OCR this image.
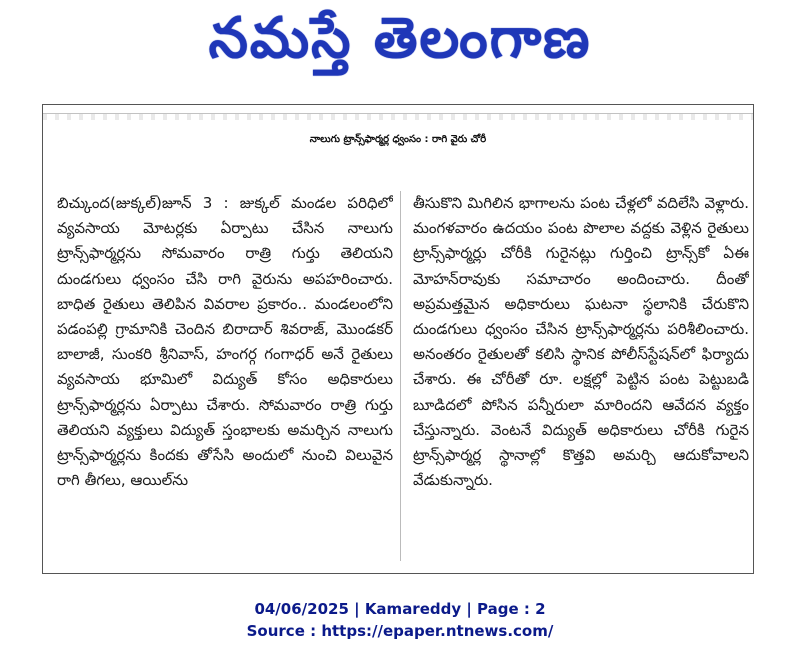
నమస్తే తెలంగాణ
నాలుగు ట్రాన్స్‌ఫార్మర్ల ధ్వంసం : రాగి వైరు చోరీ

బిచ్కుంద(జుక్కల్)జూన్ 3 : జుక్కల్ మండల పరిధిలో వ్యవసాయ మోటర్లకు ఏర్పాటు చేసిన నాలుగు ట్రాన్స్‌ఫార్మర్లను సోమవారం రాత్రి గుర్తు తెలియని దుండగులు ధ్వంసం చేసి రాగి వైరును అపహరించారు. బాధిత రైతులు తెలిపిన వివరాల ప్రకారం.. మండలంలోని పడంపల్లి గ్రామానికి చెందిన బిరాదార్ శివరాజ్, మొండకర్ బాలాజీ, సుంకరి శ్రీనివాస్, హంగర్గ గంగాధర్ అనే రైతులు వ్యవసాయ భూమిలో విద్యుత్ కోసం అధికారులు ట్రాన్స్‌ఫార్మర్లను ఏర్పాటు చేశారు. సోమవారం రాత్రి గుర్తు తెలియని వ్యక్తులు విద్యుత్ స్తంభాలకు అమర్చిన నాలుగు ట్రాన్స్‌ఫార్మర్లను కిందకు తోసేసి అందులో నుంచి విలువైన రాగి తీగలు, ఆయిల్‌ను

తీసుకొని మిగిలిన భాగాలను పంట చేళ్లలో వదిలేసి వెళ్లారు. మంగళవారం ఉదయం పంట పొలాల వద్దకు వెళ్లిన రైతులు ట్రాన్స్‌ఫార్మర్లు చోరీకి గురైనట్లు గుర్తించి ట్రాన్స్‌కో ఏఈ మోహన్‌రావుకు సమాచారం అందించారు. దీంతో అప్రమత్తమైన అధికారులు ఘటనా స్థలానికి చేరుకొని దుండగులు ధ్వంసం చేసిన ట్రాన్స్‌ఫార్మర్లను పరిశీలించారు. అనంతరం రైతులతో కలిసి స్థానిక పోలీస్‌స్టేషన్‌లో ఫిర్యాదు చేశారు. ఈ చోరీతో రూ. లక్షల్లో పెట్టిన పంట పెట్టుబడి బూడిదలో పోసిన పన్నీరులా మారిందని ఆవేదన వ్యక్తం చేస్తున్నారు. వెంటనే విద్యుత్ అధికారులు చోరీకి గురైన ట్రాన్స్‌ఫార్మర్ల స్థానాల్లో కొత్తవి అమర్చి ఆదుకోవాలని వేడుకున్నారు.

04/06/2025 | Kamareddy | Page : 2
Source : https://epaper.ntnews.com/
